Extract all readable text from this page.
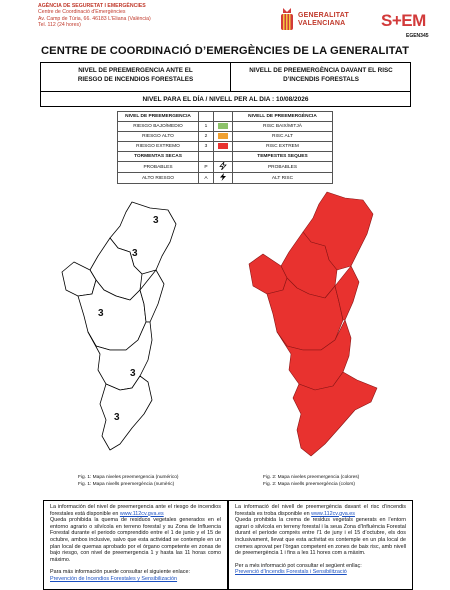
AGÈNCIA DE SEGURETAT I EMERGÈNCIES
Centre de Coordinació d'Emergències
Av. Camp de Túria, 66. 46183 L'Eliana (València)
Tel. 112 (24 hores)
GENERALITAT
VALENCIANA S+EM
EGEN345
CENTRE DE COORDINACIÓ D’EMERGÈNCIES DE LA GENERALITAT
NIVEL DE PREEMERGENCIA ANTE EL
RIESGO DE INCENDIOS FORESTALES
NIVELL DE PREEMERGÈNCIA DAVANT EL RISC
D’INCENDIS FORESTALS
NIVEL PARA EL DÍA / NIVELL PER AL DIA : 10/08/2026
NIVEL DE PREEMERGENCIA			NIVELL DE PREEMERGÈNCIA
RIESGO BAJO/MEDIO	1		RISC BAIX/MITJÀ
RIESGO ALTO	2		RISC ALT
RIESGO EXTREMO	3		RISC EXTREM
TORMENTAS SECAS			TEMPESTES SEQUES
PROBABLES	P		PROBABLES
ALTO RIESGO	A		ALT RISC
3
3
3
3
3
Fig. 1: Mapa niveles preemergencia (numérico)
Fig. 1: Mapa nivells preemergència (numèric)
Fig. 2: Mapa niveles preemergencia (colores)
Fig. 2: Mapa nivells preemergència (colors)
La información del nivel de preemergencia ante el riesgo de incendios forestales está disponible en www.112cv.gva.es
Queda prohibida la quema de residuos vegetales generados en el entorno agrario o silvícola en terreno forestal y su Zona de Influencia Forestal durante el periodo comprendido entre el 1 de junio y el 15 de octubre, ambos inclusive, salvo que esta actividad se contemple en un plan local de quemas aprobado por el órgano competente en zonas de bajo riesgo, con nivel de preemergencia 1 y hasta las 11 horas como máximo.
Para más información puede consultar el siguiente enlace:
Prevención de Incendios Forestales y Sensibilización
La informació del nivell de preemergència davant el risc d’incendis forestals es troba disponible en www.112cv.gva.es
Queda prohibida la crema de residus vegetals generats en l’entorn agrari o silvícola en terreny forestal i la seua Zona d’Influència Forestal durant el període comprés entre l’1 de juny i el 15 d’octubre, els dos inclusivament, llevat que esta activitat es contemple en un pla local de cremes aprovat per l’òrgan competent en zones de baix risc, amb nivell de preemergència 1 i fins a les 11 hores com a màxim.
Per a més informació pot consultar el següent enllaç:
Prevenció d’Incendis Forestals i Sensibilització
